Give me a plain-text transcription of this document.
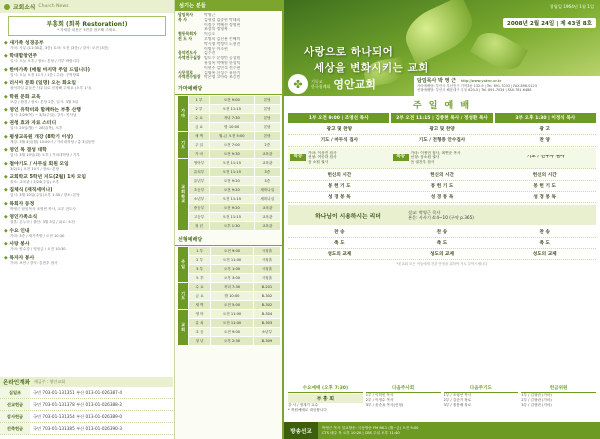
교회소식 Church News
부흥회 (회복 Restoration!)
* 자세한 내용은 3면을 참조해 주세요.
◆ 새가족 성경공부
가마: 사무 (11:30분, 3층) 로마: 오전 (3층) / 강사: 오전 (3층)
◆ 학대합창연주
일시: 오늘 오후 / 장소: 본당 / 기부 바랍니다
◆ 한마가족 (매월 마지막 주일 드립니다)
일시: 오늘 오전 11시 / 1층 / 주관: 구역장회
◆ 러시아 문화 (일명) 오는 화요일
참석하실 분들은 사무실로 신청해 주세요 (오후 1시)
◆ 학원 문화 교육
보강 / 환경 / 장소: 본당 2층, 일시: 3월 5일
◆ 영인 유학비와 함께하는 부흥 산행
일시: 2/29(목) ~ 3/3(주일), 강사: 목사님
◆ 권청 효과 자료 스터디
일시: 25일(월) ~ 28일(목), 오후
◆ 평생교육원 개강 (8학기 이상)
개강: 3월 4일(월) 10:00시 / 가마대학당 / 총 3일동안
◆ 영인 목 결성 대학
일시: 3월 19일(화) 오후 / 가마대학당 / 기부
◆ 철야기도 / 사무실 회원 모임
3/2(토) 오전 10시 / 장소: 본당
◆ 교회학교 5학년 지도(2월) 1차 모임
장소: 교육관 / 2/24(주일) 오후
◆ 집체식 (재직세미나)
일시: 3월 10일(주일)오후 1:30 / 장소: 본당
◆ 목회자 동정
박영근 담임목사 조영빈 목사, 교우 전도사
◆ 영인가족소식
결혼: 온누리 / 출산: 3월 3일 / 위로: 소천
◆ 수요 인내
가마: 3층 / 새가족방 / 오전 10:30
◆ 사랑 봉사
가마: 양수경 / 영성금 / 오전 10:30
◆ 목자자 봉사
가마: 보안 / 강사: 김현우 집사
온라인계좌 예금주 : 영안교회
십일조	국민 703-01-131351 부산 013-01-026387-4
선교헌금	국민 703-01-131378 부산 013-01-026388-2
감사헌금	국민 703-01-131354 부산 013-01-026389-0
건축헌금	국민 703-01-131385 부산 013-01-026390-3
섬기는 분들
담임목사	박영근
목 사	김형렬 김종현 박태희
이정수 박혜선 정영현
조성익 정영복
협동목회자	이승호
전 도 사	고명희 김선용 손혜미
박시영 박정미 노형진
이병우 이소현
음악전도사	김수진
사역연구실장 임도수 문정민 공상원
유성록 박예원 한성익
이현주 김민석 전수현
시무장로	김영복 신성수 유한기
사역전수팀장 박은영 고아라 조승민
가마예배당
가
마	1 부	오전 9:00	본당
	2 부	오전 11:15	본당
	수 요	저녁 7:30	본당
	금 요	밤 10:00	본당
기
도	새 벽	월-금 오전 5:00	본당
	주 일	오전 7:00	2층
	가 마	오전 9:30	교육관
교
회
학
교	영아부	오전 11:15	교육관
	유치부	오전 11:15	3층
	유년부	오전 9:20	3층
	초등부	오전 9:20	세미나실
	소년부	오전 11:15	세미나실
	중등부	오전 9:20	교육관
	고등부	오전 11:15	교육관
	청 년	오후 1:30	교육관
선형예배당
주
일	1 부	오전 9:00	시청홀
	2 부	오전 11:00	시청홀
	3 부	오후 1:00	시청홀
	오 후	오후 3:00	시청홀
기
도	수 요	저녁 7:30	B-201
	금 요	밤 10:00	B-302
	새 벽	오전 5:00	B-302
교
회	영 아	오전 11:00	B-304
	유 치	오전 11:00	B-303
	초 등	오전 9:00	소년부
	청 년	오후 2:30	B-309
창립일 1964년 1월 1일
2008년 2월 24일 | 제 43권 8호
사랑으로 하나되어
세상을 변화시키는 교회
✤	기독교
한국침례회 영안교회	담임목사 박 영 근 http://www.yaknc.or.kr
가마예배당: 부산시 부산진구 가야3동 132-9 | Tel. 891-7033 | FAX.898-0123
선형예배당: 부산시 해운대구 우동 620-5 | Tel. 891-7034 | FAX.781-6486
주 일 예 배
1부 오전 9:00 | 조영선 목사	2부 오전 11:15 | 김종현 목사 / 정성환 목사	3부 오후 1:30 | 이정식 목사
광고 및 찬양	광고 및 찬양	광 고
기도 / 마두식 집사	기도 / 전형중 안수집사	찬 양
특송
가마: 이상진 집사
선형: 여송하 집사
음 소원 권사
특송
가마: 이정민 집사, 최연준 목사
선형: 음소원 권사
음 권찬우 집사
기도 / 전우자 권사
헌신의 시간	헌신의 시간	헌신의 시간
봉 헌 기 도	봉 헌 기 도	봉 헌 기 도
성 경 봉 독	성 경 봉 독	성 경 봉 독
하나님이 시용하시는 리더
설교: 박영근 목사
본문: 사사기 4:4~10 (구약 p.365)
찬 송	찬 송	찬 송
축 도	축 도	축 도
성도의 교제	성도의 교제	성도의 교제
*본교회 모든 이들에게 건강 안정을 위하여 기도 부탁드립니다
수요예배 (오후 7:30)
부 흥 회
강 사 / 정재기 교수
* 축원예배로 대신합니다
다음주사회
1부 / 이학빈 목사
2부 / 이정수 목사
3부 / 윤순옥 목사(선형)
다음주기도
1부 / 조형선 목사
2부 / 김준기 장로
3부 / 정봉배 장로
헌금위원
1부 / 김형란 (가마)
2부 / 김형란 (가마)
3부 / 김형란 (가마)
방송선교
박영근 목사 설교방송: 극동방송 FM 98.1 (월~금) 오전 9:00
CTS 매주 목 오후 10:20 | CBS 주일 오후 11:40
